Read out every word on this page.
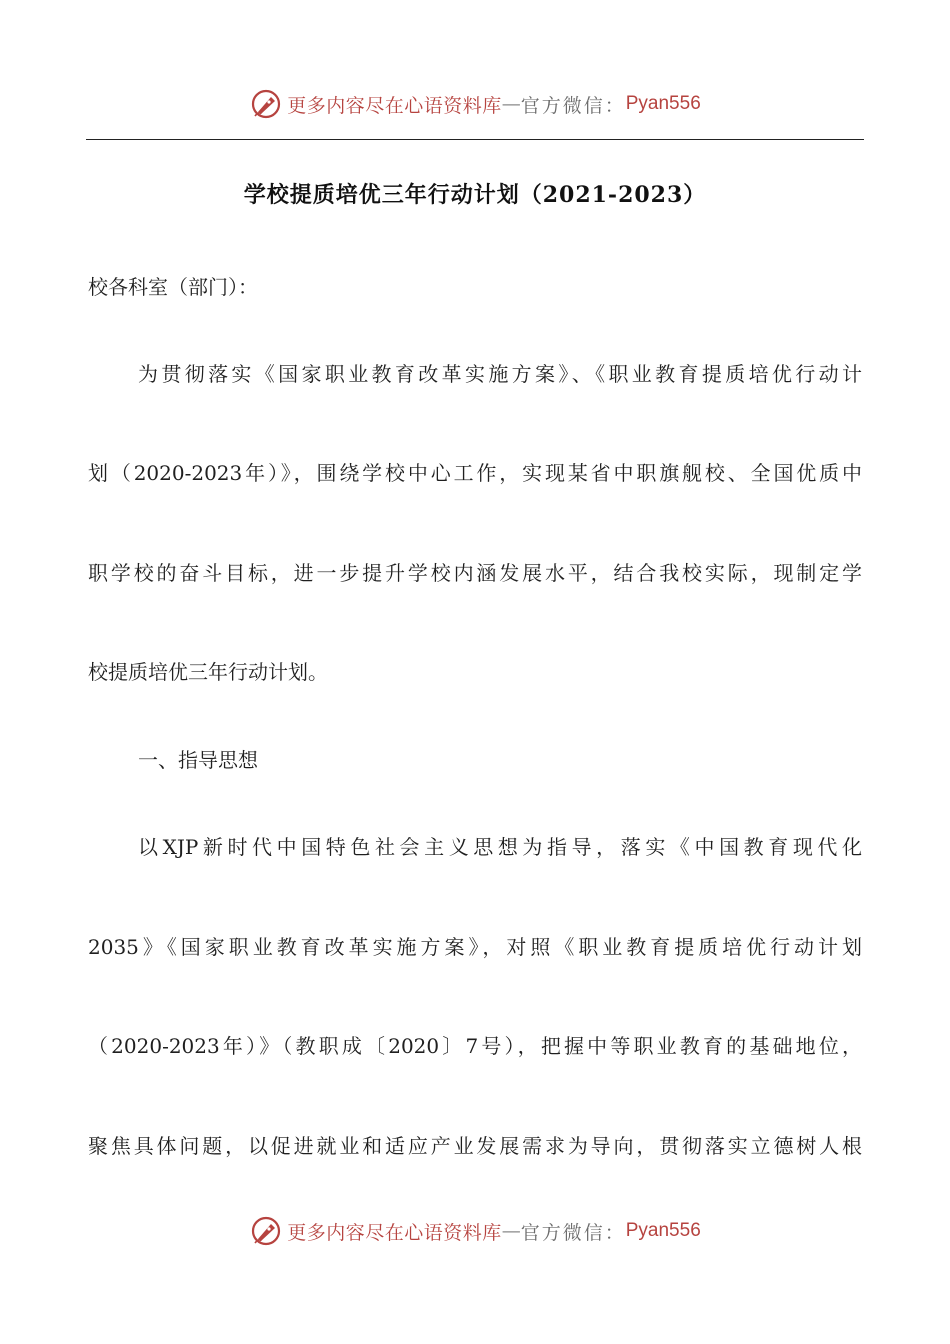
更多内容尽在心语资料库 — 官方微信： Pyan556
学校提质培优三年行动计划（2021-2023）
校各科室（部门）：
为贯彻落实《国家职业教育改革实施方案》、《职业教育提质培优行动计
划（2020-2023年）》，围绕学校中心工作，实现某省中职旗舰校、全国优质中
职学校的奋斗目标，进一步提升学校内涵发展水平，结合我校实际，现制定学
校提质培优三年行动计划。
一、指导思想
以XJP新时代中国特色社会主义思想为指导，落实《中国教育现代化
2035》《国家职业教育改革实施方案》，对照《职业教育提质培优行动计划
（2020-2023年）》（教职成〔2020〕7号），把握中等职业教育的基础地位，
聚焦具体问题，以促进就业和适应产业发展需求为导向，贯彻落实立德树人根
更多内容尽在心语资料库 — 官方微信： Pyan556
